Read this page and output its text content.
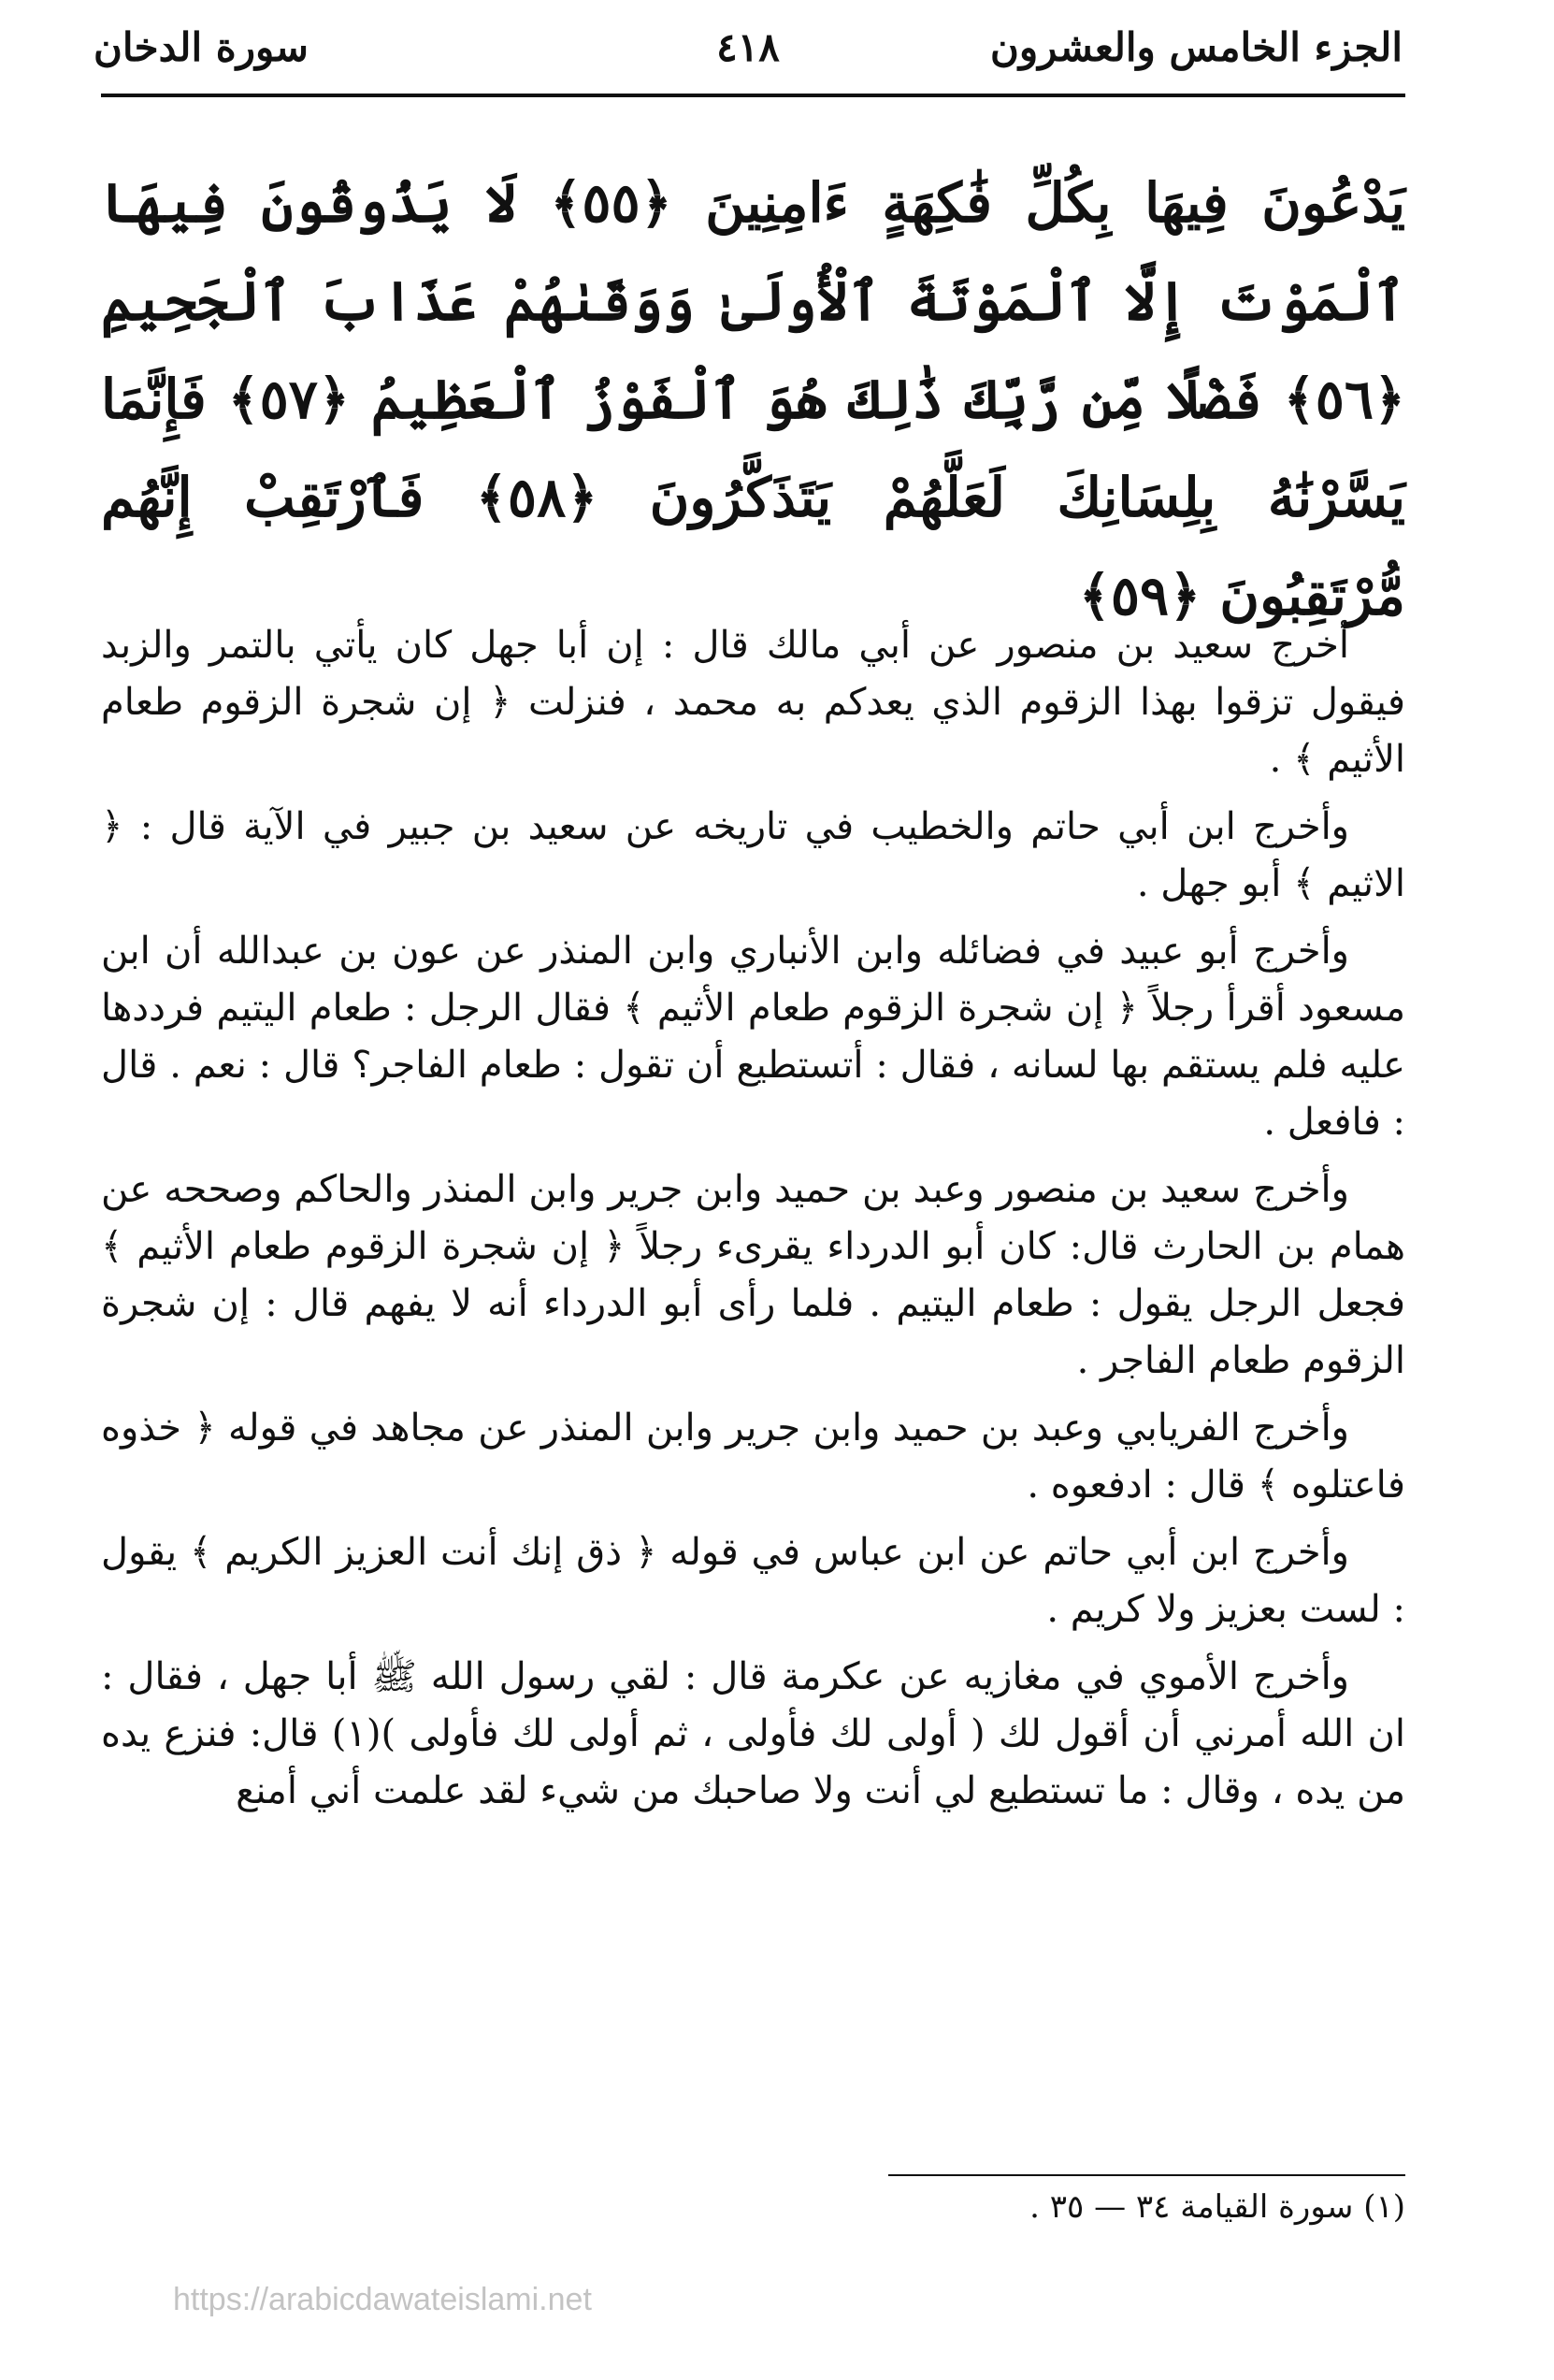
الجزء الخامس والعشرون
٤١٨
سورة الدخان
يَدْعُونَ فِيهَا بِكُلِّ فَٰكِهَةٍ ءَامِنِينَ ﴿٥٥﴾ لَا يَذُوقُونَ فِيهَا ٱلْمَوْتَ إِلَّا ٱلْمَوْتَةَ ٱلْأُولَىٰ وَوَقَىٰهُمْ عَذَابَ ٱلْجَحِيمِ ﴿٥٦﴾ فَضْلًا مِّن رَّبِّكَ ذَٰلِكَ هُوَ ٱلْفَوْزُ ٱلْعَظِيمُ ﴿٥٧﴾ فَإِنَّمَا يَسَّرْنَٰهُ بِلِسَانِكَ لَعَلَّهُمْ يَتَذَكَّرُونَ ﴿٥٨﴾ فَٱرْتَقِبْ إِنَّهُم مُّرْتَقِبُونَ ﴿٥٩﴾

أخرج سعيد بن منصور عن أبي مالك قال : إن أبا جهل كان يأتي بالتمر والزبد فيقول تزقوا بهذا الزقوم الذي يعدكم به محمد ، فنزلت ﴿ إن شجرة الزقوم طعام الأثيم ﴾ .

وأخرج ابن أبي حاتم والخطيب في تاريخه عن سعيد بن جبير في الآية قال : ﴿ الاثيم ﴾ أبو جهل .

وأخرج أبو عبيد في فضائله وابن الأنباري وابن المنذر عن عون بن عبدالله أن ابن مسعود أقرأ رجلاً ﴿ إن شجرة الزقوم طعام الأثيم ﴾ فقال الرجل : طعام اليتيم فرددها عليه فلم يستقم بها لسانه ، فقال : أتستطيع أن تقول : طعام الفاجر؟ قال : نعم . قال : فافعل .

وأخرج سعيد بن منصور وعبد بن حميد وابن جرير وابن المنذر والحاكم وصححه عن همام بن الحارث قال: كان أبو الدرداء يقرىء رجلاً ﴿ إن شجرة الزقوم طعام الأثيم ﴾ فجعل الرجل يقول : طعام اليتيم . فلما رأى أبو الدرداء أنه لا يفهم قال : إن شجرة الزقوم طعام الفاجر .

وأخرج الفريابي وعبد بن حميد وابن جرير وابن المنذر عن مجاهد في قوله ﴿ خذوه فاعتلوه ﴾ قال : ادفعوه .

وأخرج ابن أبي حاتم عن ابن عباس في قوله ﴿ ذق إنك أنت العزيز الكريم ﴾ يقول : لست بعزيز ولا كريم .

وأخرج الأموي في مغازيه عن عكرمة قال : لقي رسول الله ﷺ أبا جهل ، فقال : ان الله أمرني أن أقول لك ( أولى لك فأولى ، ثم أولى لك فأولى )(١) قال: فنزع يده من يده ، وقال : ما تستطيع لي أنت ولا صاحبك من شيء لقد علمت أني أمنع

(١) سورة القيامة ٣٤ — ٣٥ .
https://arabicdawateislami.net
